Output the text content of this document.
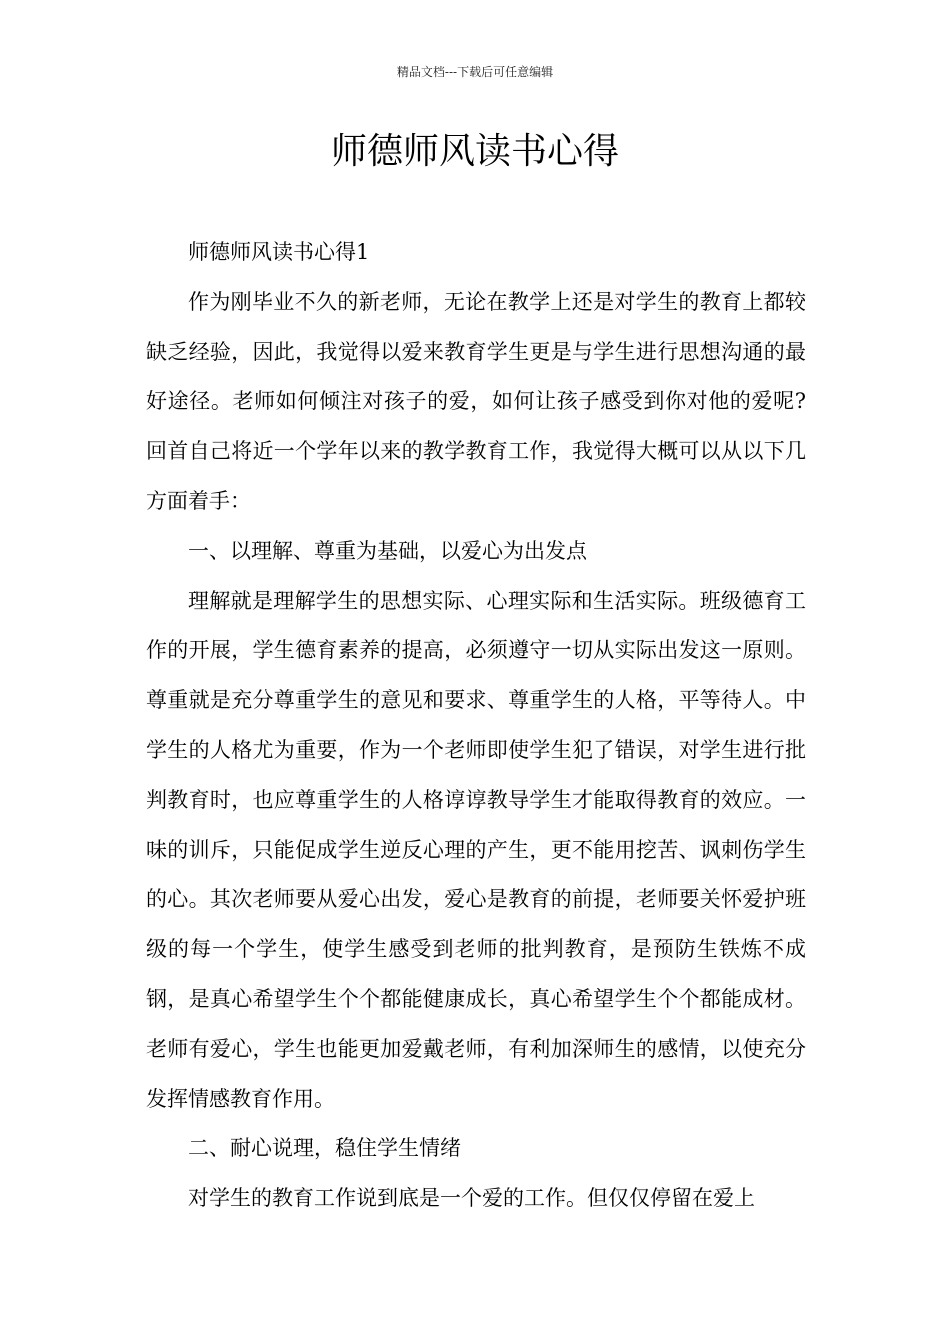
精品文档---下载后可任意编辑
师德师风读书心得

师德师风读书心得1

作为刚毕业不久的新老师，无论在教学上还是对学生的教育上都较缺乏经验，因此，我觉得以爱来教育学生更是与学生进行思想沟通的最好途径。老师如何倾注对孩子的爱，如何让孩子感受到你对他的爱呢?回首自己将近一个学年以来的教学教育工作，我觉得大概可以从以下几方面着手：

一、以理解、尊重为基础，以爱心为出发点

理解就是理解学生的思想实际、心理实际和生活实际。班级德育工作的开展，学生德育素养的提高，必须遵守一切从实际出发这一原则。尊重就是充分尊重学生的意见和要求、尊重学生的人格，平等待人。中学生的人格尤为重要，作为一个老师即使学生犯了错误，对学生进行批判教育时，也应尊重学生的人格谆谆教导学生才能取得教育的效应。一味的训斥，只能促成学生逆反心理的产生，更不能用挖苦、讽刺伤学生的心。其次老师要从爱心出发，爱心是教育的前提，老师要关怀爱护班级的每一个学生，使学生感受到老师的批判教育，是预防生铁炼不成钢，是真心希望学生个个都能健康成长，真心希望学生个个都能成材。老师有爱心，学生也能更加爱戴老师，有利加深师生的感情，以使充分发挥情感教育作用。

二、耐心说理，稳住学生情绪

对学生的教育工作说到底是一个爱的工作。但仅仅停留在爱上
